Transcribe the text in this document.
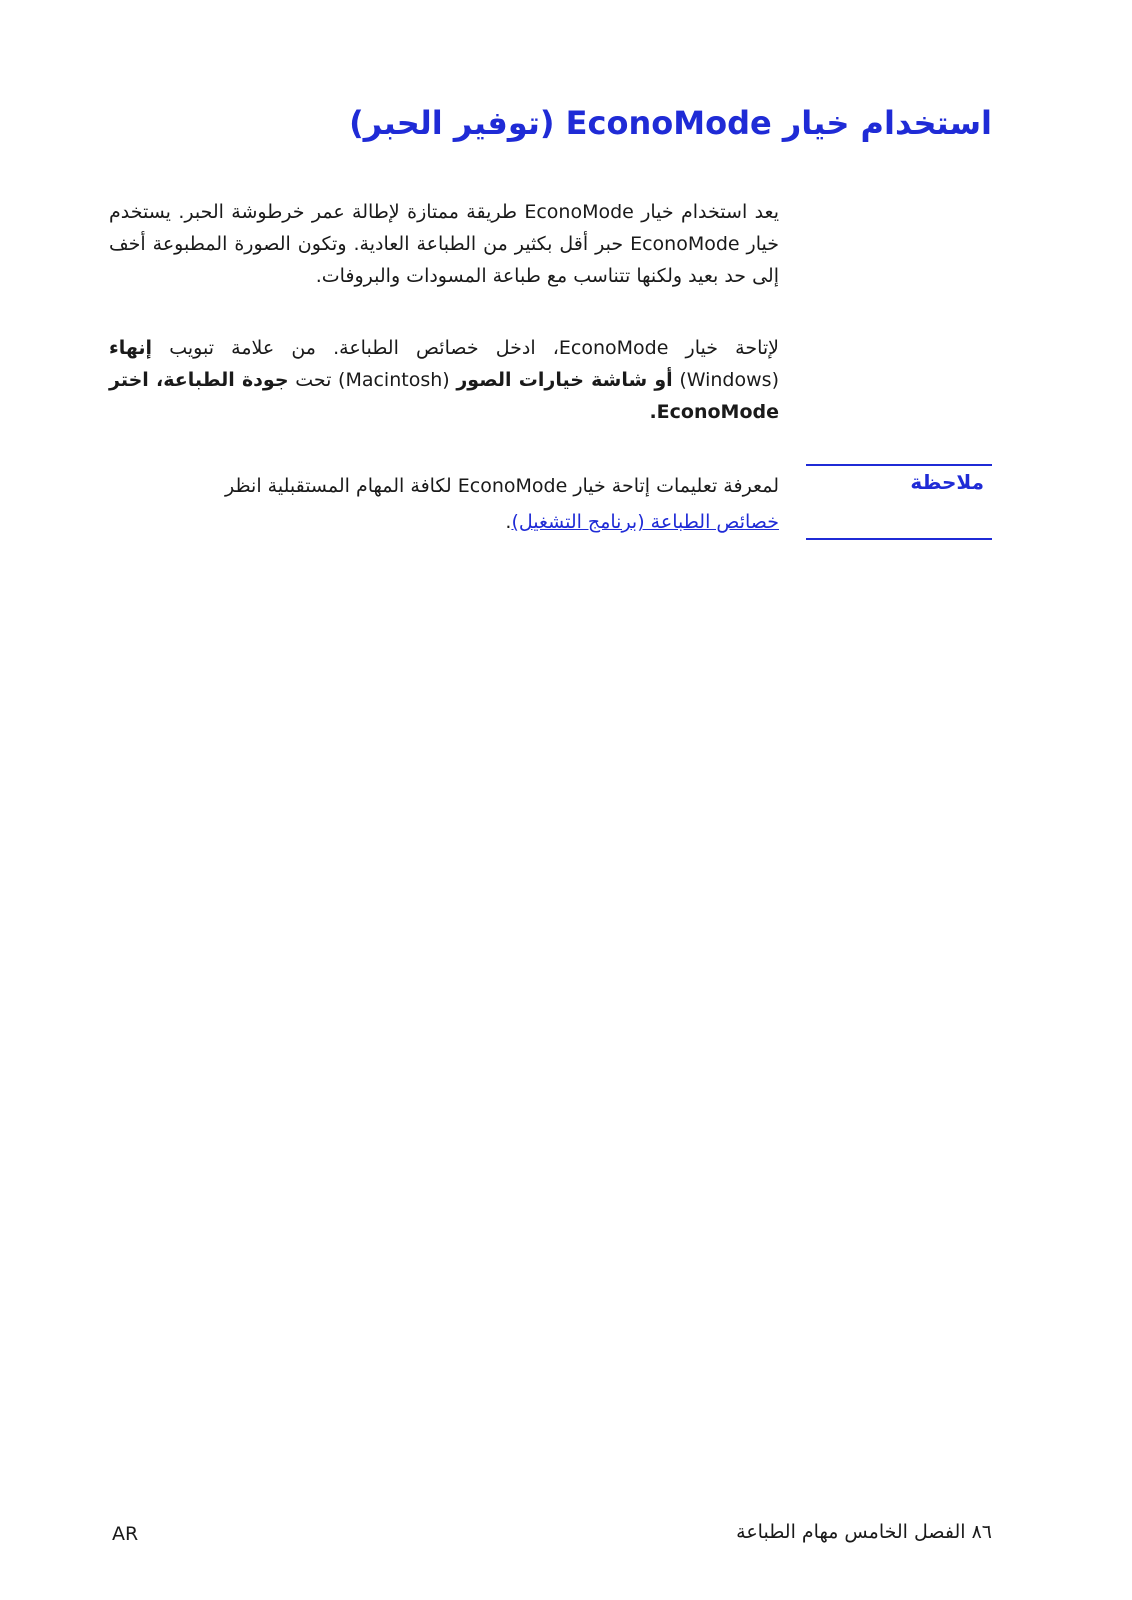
استخدام خيار EconoMode (توفير الحبر)

يعد استخدام خيار EconoMode طريقة ممتازة لإطالة عمر خرطوشة الحبر. يستخدم خيار EconoMode حبر أقل بكثير من الطباعة العادية. وتكون الصورة المطبوعة أخف إلى حد بعيد ولكنها تتناسب مع طباعة المسودات والبروفات.

لإتاحة خيار EconoMode، ادخل خصائص الطباعة. من علامة تبويب إنهاء (Windows) أو شاشة خيارات الصور (Macintosh) تحت جودة الطباعة، اختر EconoMode.

ملاحظة

لمعرفة تعليمات إتاحة خيار EconoMode لكافة المهام المستقبلية انظر
خصائص الطباعة (برنامج التشغيل).

AR	٨٦ الفصل الخامس مهام الطباعة
